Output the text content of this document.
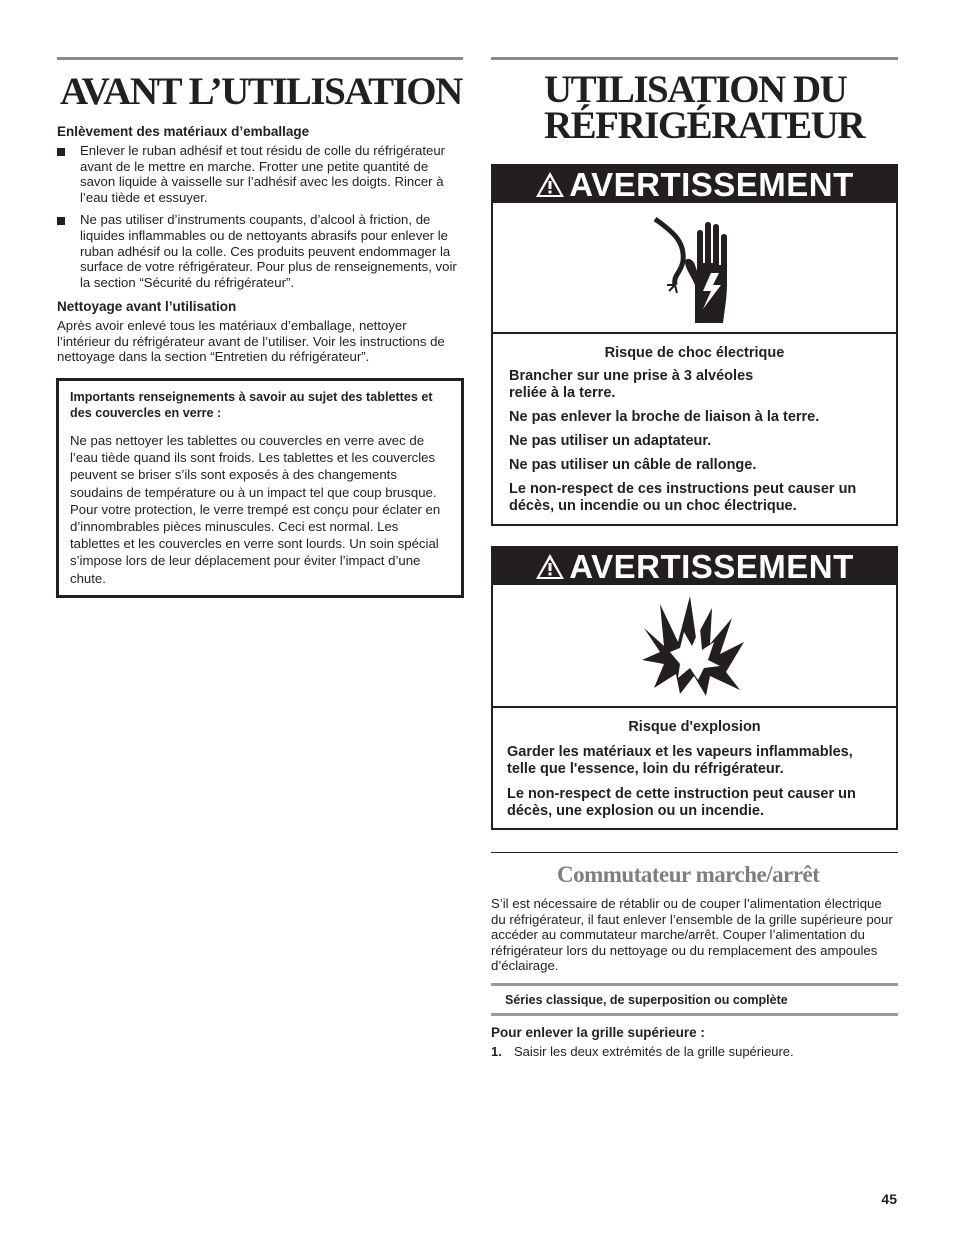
AVANT L’UTILISATION
Enlèvement des matériaux d’emballage
Enlever le ruban adhésif et tout résidu de colle du réfrigérateur avant de le mettre en marche. Frotter une petite quantité de savon liquide à vaisselle sur l’adhésif avec les doigts. Rincer à l’eau tiède et essuyer.
Ne pas utiliser d’instruments coupants, d’alcool à friction, de liquides inflammables ou de nettoyants abrasifs pour enlever le ruban adhésif ou la colle. Ces produits peuvent endommager la surface de votre réfrigérateur. Pour plus de renseignements, voir la section “Sécurité du réfrigérateur”.
Nettoyage avant l’utilisation
Après avoir enlevé tous les matériaux d’emballage, nettoyer l’intérieur du réfrigérateur avant de l’utiliser. Voir les instructions de nettoyage dans la section “Entretien du réfrigérateur”.
Importants renseignements à savoir au sujet des tablettes et des couvercles en verre :
Ne pas nettoyer les tablettes ou couvercles en verre avec de l’eau tiède quand ils sont froids. Les tablettes et les couvercles peuvent se briser s’ils sont exposés à des changements soudains de température ou à un impact tel que coup brusque. Pour votre protection, le verre trempé est conçu pour éclater en d’innombrables pièces minuscules. Ceci est normal. Les tablettes et les couvercles en verre sont lourds. Un soin spécial s’impose lors de leur déplacement pour éviter l’impact d’une chute.
UTILISATION DU
RÉFRIGÉRATEUR
AVERTISSEMENT
Risque de choc électrique
Brancher sur une prise à 3 alvéoles reliée à la terre.
Ne pas enlever la broche de liaison à la terre.
Ne pas utiliser un adaptateur.
Ne pas utiliser un câble de rallonge.
Le non-respect de ces instructions peut causer un décès, un incendie ou un choc électrique.
AVERTISSEMENT
Risque d'explosion
Garder les matériaux et les vapeurs inflammables, telle que l'essence, loin du réfrigérateur.
Le non-respect de cette instruction peut causer un décès, une explosion ou un incendie.
Commutateur marche/arrêt
S’il est nécessaire de rétablir ou de couper l’alimentation électrique du réfrigérateur, il faut enlever l’ensemble de la grille supérieure pour accéder au commutateur marche/arrêt. Couper l’alimentation du réfrigérateur lors du nettoyage ou du remplacement des ampoules d’éclairage.
Séries classique, de superposition ou complète
Pour enlever la grille supérieure :
1. Saisir les deux extrémités de la grille supérieure.
45
